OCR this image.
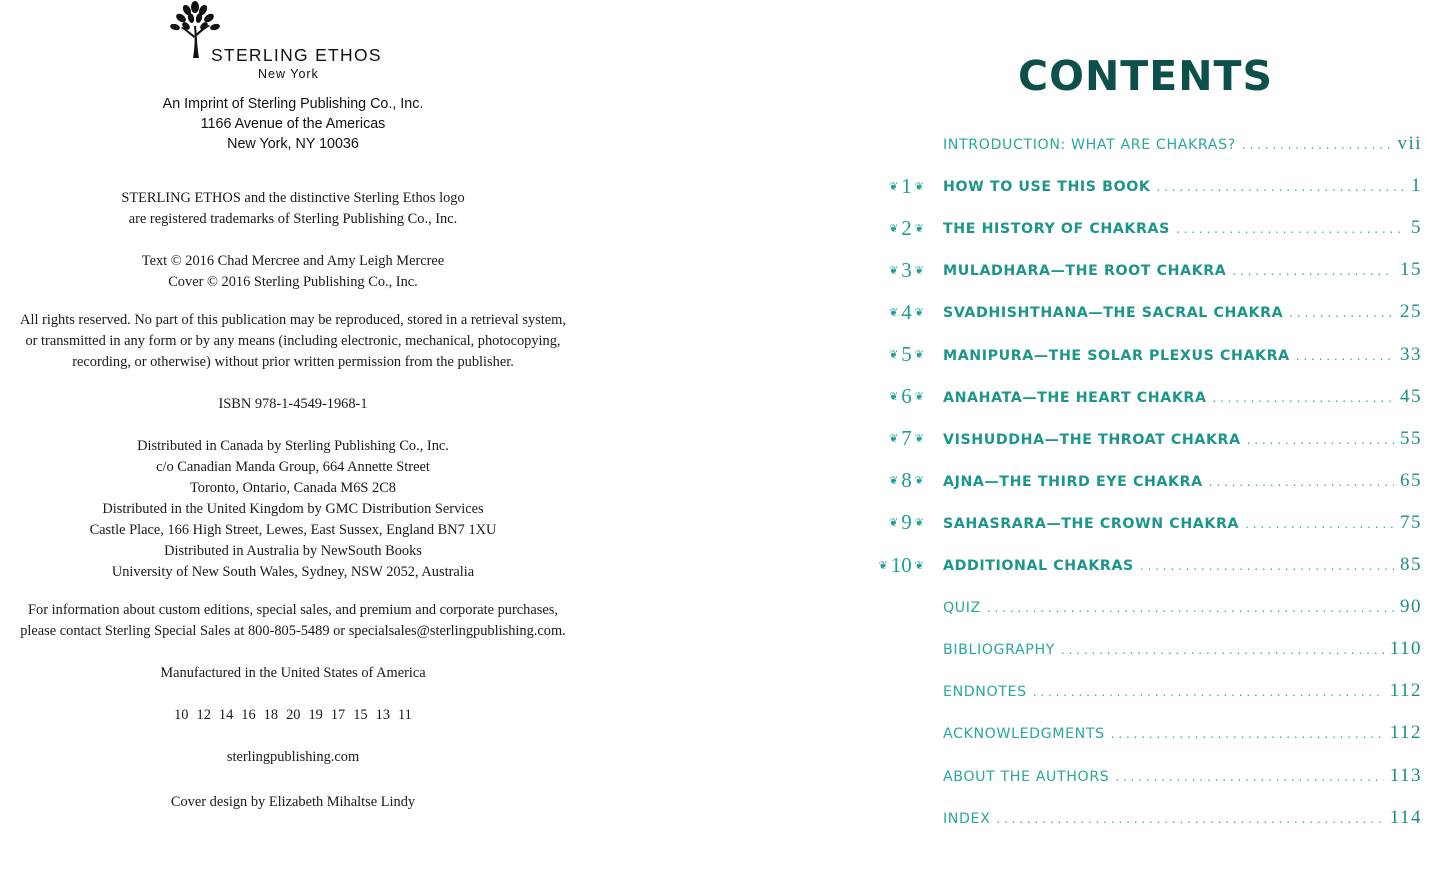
STERLING ETHOS
New York
An Imprint of Sterling Publishing Co., Inc.
1166 Avenue of the Americas
New York, NY 10036
STERLING ETHOS and the distinctive Sterling Ethos logo
are registered trademarks of Sterling Publishing Co., Inc.
Text © 2016 Chad Mercree and Amy Leigh Mercree
Cover © 2016 Sterling Publishing Co., Inc.
All rights reserved. No part of this publication may be reproduced, stored in a retrieval system,
or transmitted in any form or by any means (including electronic, mechanical, photocopying,
recording, or otherwise) without prior written permission from the publisher.
ISBN 978-1-4549-1968-1
Distributed in Canada by Sterling Publishing Co., Inc.
c/o Canadian Manda Group, 664 Annette Street
Toronto, Ontario, Canada M6S 2C8
Distributed in the United Kingdom by GMC Distribution Services
Castle Place, 166 High Street, Lewes, East Sussex, England BN7 1XU
Distributed in Australia by NewSouth Books
University of New South Wales, Sydney, NSW 2052, Australia
For information about custom editions, special sales, and premium and corporate purchases,
please contact Sterling Special Sales at 800-805-5489 or specialsales@sterlingpublishing.com.
Manufactured in the United States of America
10 12 14 16 18 20 19 17 15 13 11
sterlingpublishing.com
Cover design by Elizabeth Mihaltse Lindy
CONTENTS
INTRODUCTION: WHAT ARE CHAKRAS? . . .	vii
❦ 1 ❦ HOW TO USE THIS BOOK . . .	1
❦ 2 ❦ THE HISTORY OF CHAKRAS . . .	5
❦ 3 ❦ MULADHARA—THE ROOT CHAKRA . . .	15
❦ 4 ❦ SVADHISHTHANA—THE SACRAL CHAKRA . . .	25
❦ 5 ❦ MANIPURA—THE SOLAR PLEXUS CHAKRA . . .	33
❦ 6 ❦ ANAHATA—THE HEART CHAKRA . . .	45
❦ 7 ❦ VISHUDDHA—THE THROAT CHAKRA . . .	55
❦ 8 ❦ AJNA—THE THIRD EYE CHAKRA . . .	65
❦ 9 ❦ SAHASRARA—THE CROWN CHAKRA . . .	75
❦ 10 ❦ ADDITIONAL CHAKRAS . . .	85
QUIZ . . .	90
BIBLIOGRAPHY . . .	110
ENDNOTES . . .	112
ACKNOWLEDGMENTS . . .	112
ABOUT THE AUTHORS . . .	113
INDEX . . .	114
